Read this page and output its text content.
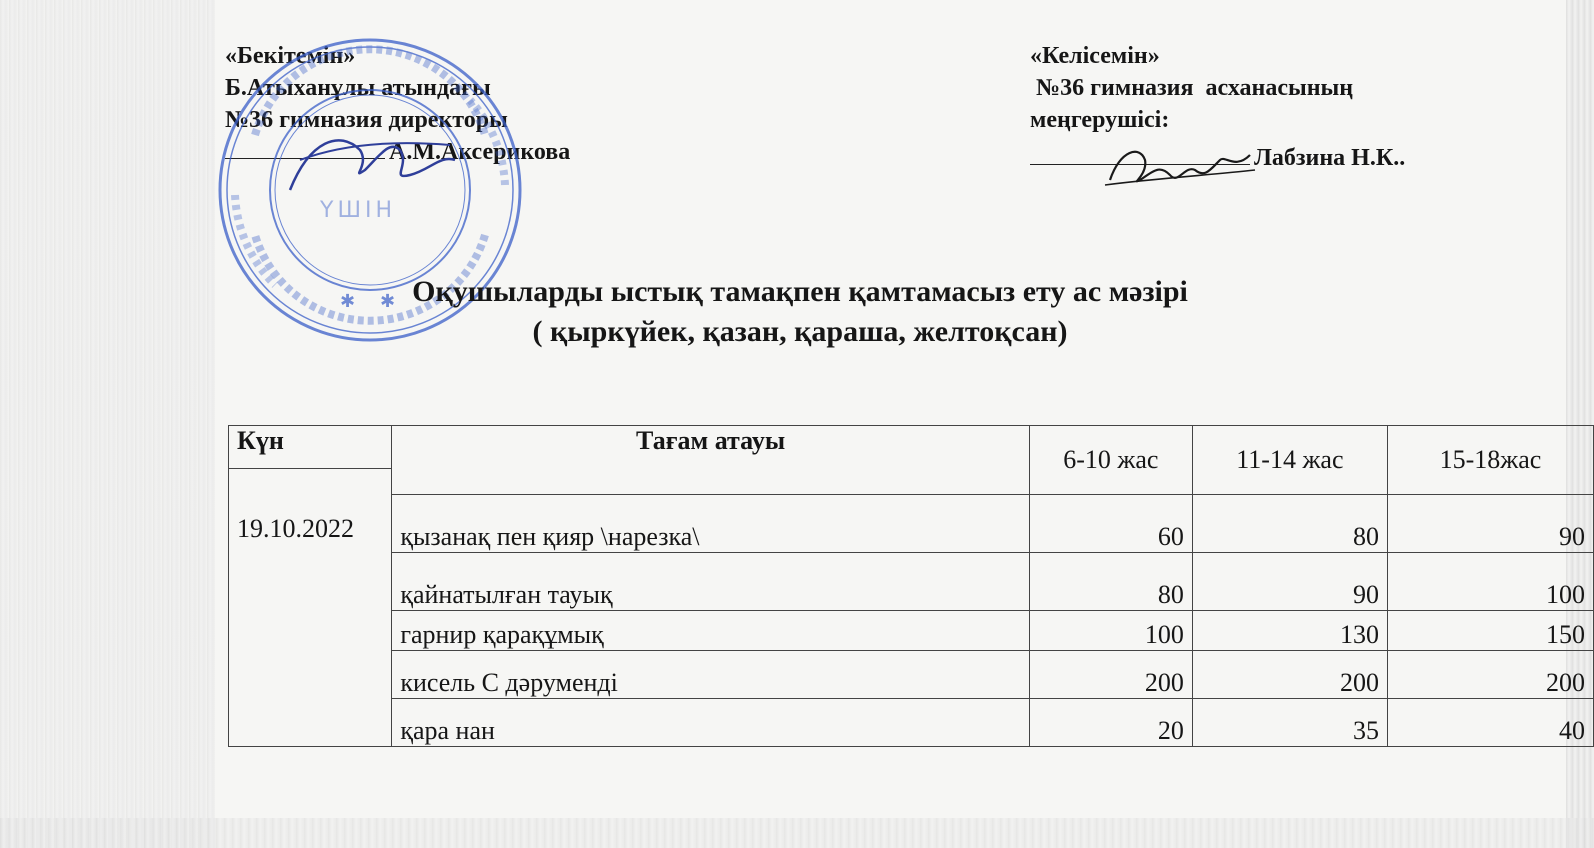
«Бекітемін»
Б.Атыханұлы атындағы
№36 гимназия директоры
А.М.Аксерикова
«Келісемін»
№36 гимназия  асханасының
меңгерушісі:
Лабзина Н.К..
ҮШІН
✱ ✱ Оқушыларды ыстық тамақпен қамтамасыз ету ас мәзірі
( қыркүйек, қазан, қараша, желтоқсан)
Күн	Тағам атауы	6-10 жас	11-14 жас	15-18жас

19.10.2022				

	қызанақ пен қияр \нарезка\	60	80	90
	қайнатылған тауық	80	90	100
	гарнир қарақұмық	100	130	150
	кисель С дәруменді	200	200	200
	қара нан	20	35	40
